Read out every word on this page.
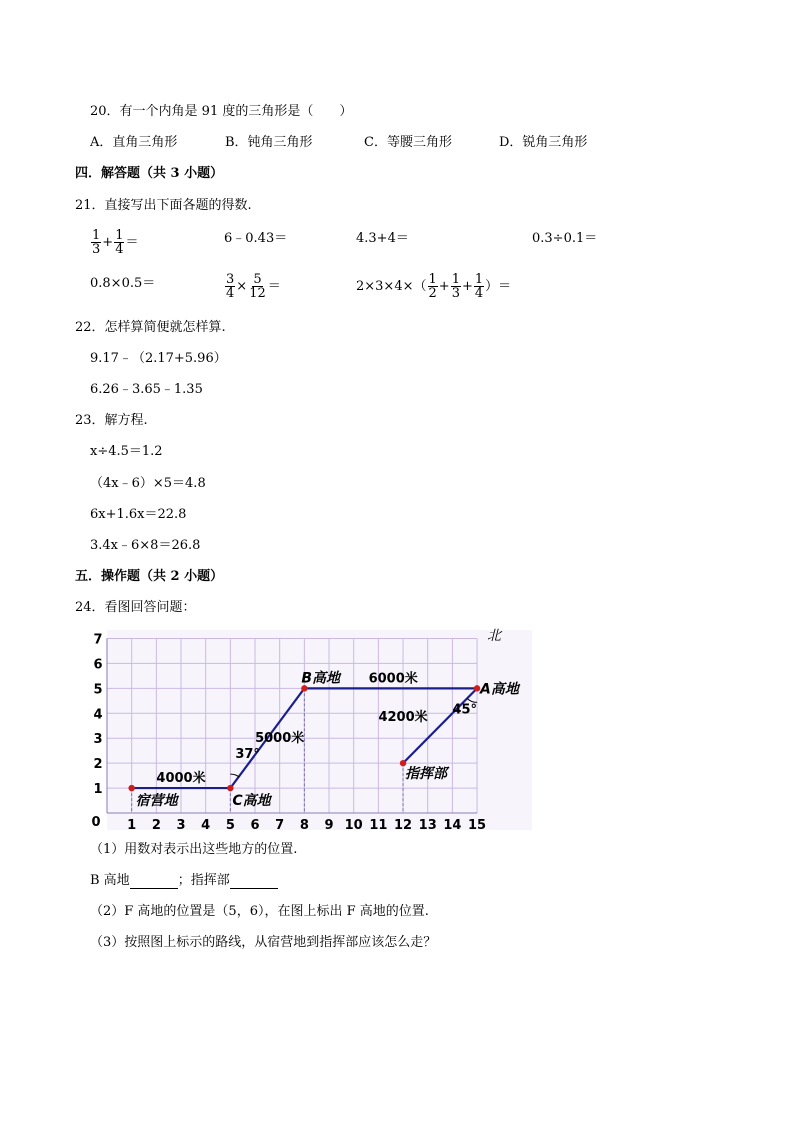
20．有一个内角是 91 度的三角形是（　　）
A．直角三角形	B．钝角三角形	C．等腰三角形	D．锐角三角形
四．解答题（共 3 小题）
21．直接写出下面各题的得数.
$\frac{1}{3} + \frac{1}{4}$ ＝	6﹣0.43＝	4.3+4＝	0.3÷0.1＝
0.8×0.5＝	$\frac{3}{4} \times \frac{5}{12}$ ＝	$2\times 3\times 4\times( \frac{1}{2} + \frac{1}{3} + \frac{1}{4}$ ）＝
22．怎样算简便就怎样算.
9.17﹣（2.17+5.96）
6.26﹣3.65﹣1.35
23．解方程.
x÷4.5＝1.2
（4x﹣6）×5＝4.8
6x+1.6x＝22.8
3.4x﹣6×8＝26.8
五．操作题（共 2 小题）
24．看图回答问题：
1 2 3 4 5 6 7 8 9 10 11 12 13 14 15
0
1
2
3
4
5
6
7	北
宿营地	C高地
B高地
A高地
指挥部
4000米
5000米
6000米
4200米
37°
45°
（1）用数对表示出这些地方的位置.
B 高地	；指挥部
（2）F 高地的位置是（5，6），在图上标出 F 高地的位置.
（3）按照图上标示的路线，从宿营地到指挥部应该怎么走？
